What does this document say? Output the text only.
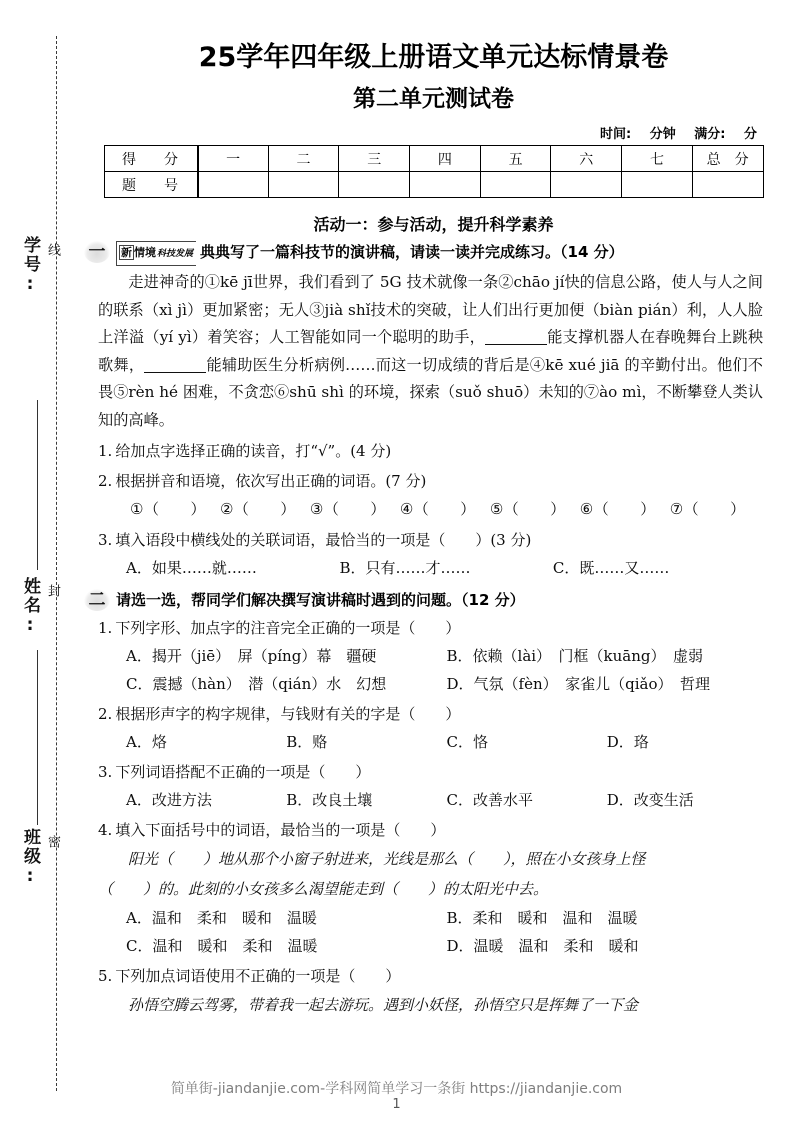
学号: 线
姓名: 封
班级: 密
25学年四年级上册语文单元达标情景卷
第二单元测试卷
时间: 分钟 满分: 分
得　分	一	二	三	四	五	六	七	总　分
题　号								
活动一：参与活动，提升科学素养
一	新 情境科技发展 典典写了一篇科技节的演讲稿，请读一读并完成练习。（14 分）
走进神奇的①kē jī世界，我们看到了 5G 技术就像一条②chāo jí快的信息公路，使人与人之间的联系（xì jì）更加紧密；无人③jià shǐ技术的突破，让人们出行更加便（biàn pián）利，人人脸上洋溢（yí yì）着笑容；人工智能如同一个聪明的助手，	能支撑机器人在春晚舞台上跳秧歌舞，	能辅助医生分析病例……而这一切成绩的背后是④kē xué jiā 的辛勤付出。他们不畏⑤rèn hé 困难，不贪恋⑥shū shì 的环境，探索（suǒ shuō）未知的⑦ào mì，不断攀登人类认知的高峰。
1. 给加点字选择正确的读音，打“√”。(4 分)
2. 根据拼音和语境，依次写出正确的词语。(7 分)
①（　　） ②（　　） ③（　　） ④（　　） ⑤（　　） ⑥（　　） ⑦（　　）
3. 填入语段中横线处的关联词语，最恰当的一项是（　　）(3 分)
A．如果……就……	B．只有……才……	C．既……又……
二 请选一选，帮同学们解决撰写演讲稿时遇到的问题。（12 分）
1. 下列字形、加点字的注音完全正确的一项是（　　）
A．揭开（jiē）　屏（píng）幕　疆硬	B．依赖（lài）　门框（kuāng）　虚弱
C．震撼（hàn）　潜（qián）水　幻想	D．气氛（fèn）　家雀儿（qiǎo）　哲理
2. 根据形声字的构字规律，与钱财有关的字是（　　）
A．烙	B．赂	C．恪	D．珞
3. 下列词语搭配不正确的一项是（　　）
A．改进方法	B．改良土壤	C．改善水平	D．改变生活
4. 填入下面括号中的词语，最恰当的一项是（　　）
阳光（　　）地从那个小窗子射进来，光线是那么（　　），照在小女孩身上怪
（　　）的。此刻的小女孩多么渴望能走到（　　）的太阳光中去。
A．温和　柔和　暖和　温暖	B．柔和　暖和　温和　温暖
C．温和　暖和　柔和　温暖	D．温暖　温和　柔和　暖和
5. 下列加点词语使用不正确的一项是（　　）
孙悟空腾云驾雾，带着我一起去游玩。遇到小妖怪，孙悟空只是挥舞了一下金
简单街-jiandanjie.com-学科网简单学习一条街 https://jiandanjie.com
1
